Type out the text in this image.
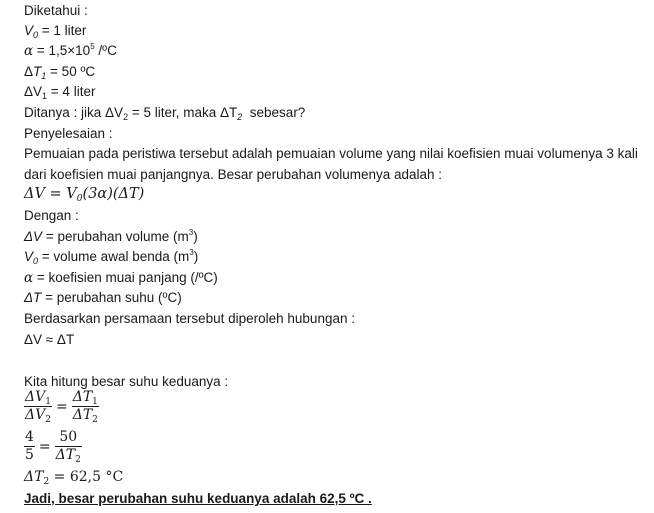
Diketahui :
$V_0 = 1$ liter
$\alpha = 1,5\times 10^5$ /ºC
$\Delta T_1 = 50$ ºC
$\Delta V_1 = 4$ liter
Ditanya : jika $\Delta V_2 = 5$ liter, maka $\Delta T_2$  sebesar?
Penyelesaian :
Pemuaian pada peristiwa tersebut adalah pemuaian volume yang nilai koefisien muai volumenya 3 kali
dari koefisien muai panjangnya. Besar perubahan volumenya adalah :
$\Delta V = V_0(3\alpha)(\Delta T)$
Dengan :
ΔV = perubahan volume $(m^3)$
$V_0$ = volume awal benda $(m^3)$
α = koefisien muai panjang (/ºC)
ΔT = perubahan suhu (ºC)
Berdasarkan persamaan tersebut diperoleh hubungan :
ΔV ≈ ΔT
Kita hitung besar suhu keduanya :
$\frac{\Delta V_1}{\Delta V_2} = \frac{\Delta T_1}{\Delta T_2}$
$\frac{4}{5} = \frac{50}{\Delta T_2}$
$\Delta T_2 = 62,5$ °C
Jadi, besar perubahan suhu keduanya adalah 62,5 ºC .
